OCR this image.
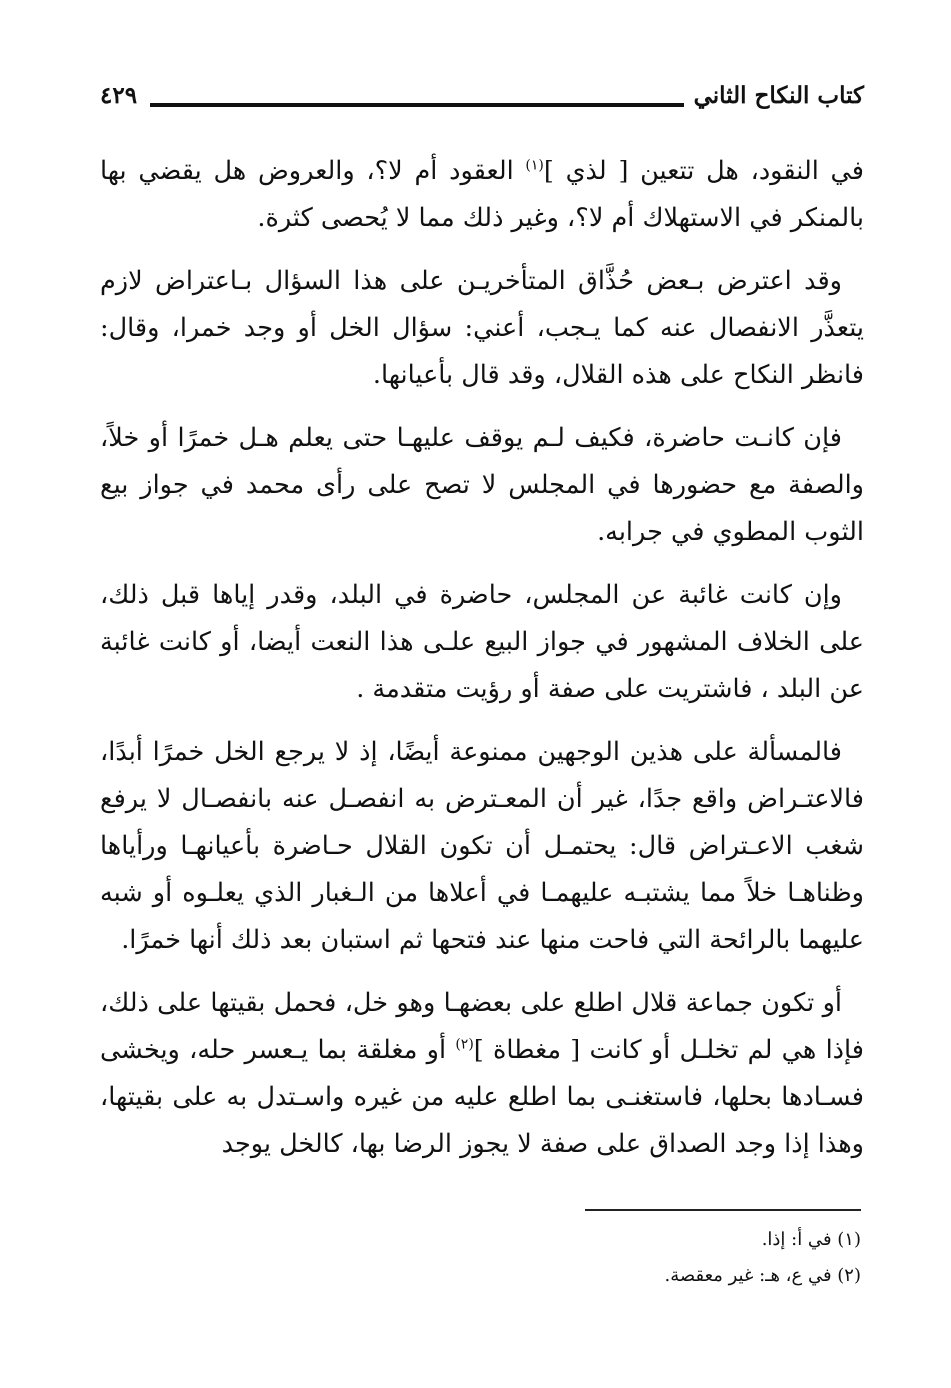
كتاب النكاح الثاني
٤٢٩

في النقود، هل تتعين [ لذي ]$^{(١)}$ العقود أم لا؟، والعروض هل يقضي بها بالمنكر في الاستهلاك أم لا؟، وغير ذلك مما لا يُحصى كثرة.

وقد اعترض بـعض حُذَّاق المتأخريـن على هذا السؤال بـاعتراض لازم يتعذَّر الانفصال عنه كما يـجب، أعني: سؤال الخل أو وجد خمرا، وقال: فانظر النكاح على هذه القلال، وقد قال بأعيانها.

فإن كانـت حاضرة، فكيف لـم يوقف عليهـا حتى يعلم هـل خمرًا أو خلاً، والصفة مع حضورها في المجلس لا تصح على رأى محمد في جواز بيع الثوب المطوي في جرابه.

وإن كانت غائبة عن المجلس، حاضرة في البلد، وقدر إياها قبل ذلك، على الخلاف المشهور في جواز البيع علـى هذا النعت أيضا، أو كانت غائبة عن البلد ، فاشتريت على صفة أو رؤيت متقدمة .

فالمسألة على هذين الوجهين ممنوعة أيضًا، إذ لا يرجع الخل خمرًا أبدًا، فالاعتـراض واقع جدًا، غير أن المعـترض به انفصـل عنه بانفصـال لا يرفع شغب الاعـتراض قال: يحتمـل أن تكون القلال حـاضرة بأعيانهـا ورأياها وظناهـا خلاً مما يشتبـه عليهمـا في أعلاها من الـغبار الذي يعلـوه أو شبه عليهما بالرائحة التي فاحت منها عند فتحها ثم استبان بعد ذلك أنها خمرًا.

أو تكون جماعة قلال اطلع على بعضهـا وهو خل، فحمل بقيتها على ذلك، فإذا هي لم تخلـل أو كانت [ مغطاة ]$^{(٢)}$ أو مغلقة بما يـعسر حله، ويخشى فسـادها بحلها، فاستغنـى بما اطلع عليه من غيره واسـتدل به على بقيتها، وهذا إذا وجد الصداق على صفة لا يجوز الرضا بها، كالخل يوجد

(١) في أ: إذا.
(٢) في ع، هـ: غير معقصة.
